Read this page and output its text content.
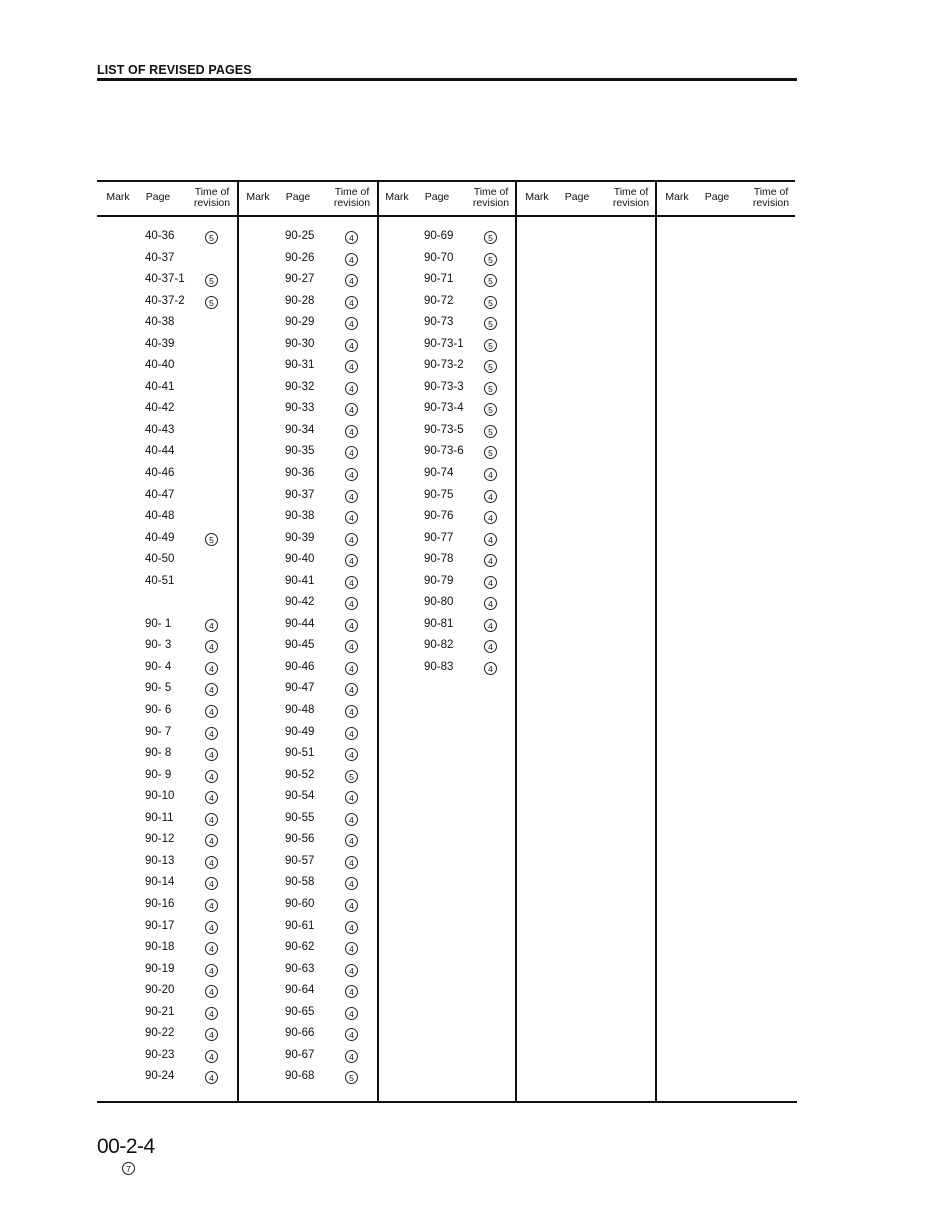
LIST OF REVISED PAGES
Mark	Page	Time of
revision
40-36	5
40-37
40-37-1	5
40-37-2	5
40-38
40-39
40-40
40-41
40-42
40-43
40-44
40-46
40-47
40-48
40-49	5
40-50
40-51
90- 1	4
90- 3	4
90- 4	4
90- 5	4
90- 6	4
90- 7	4
90- 8	4
90- 9	4
90-10	4
90-11	4
90-12	4
90-13	4
90-14	4
90-16	4
90-17	4
90-18	4
90-19	4
90-20	4
90-21	4
90-22	4
90-23	4
90-24	4
Mark	Page	Time of
revision
90-25	4
90-26	4
90-27	4
90-28	4
90-29	4
90-30	4
90-31	4
90-32	4
90-33	4
90-34	4
90-35	4
90-36	4
90-37	4
90-38	4
90-39	4
90-40	4
90-41	4
90-42	4
90-44	4
90-45	4
90-46	4
90-47	4
90-48	4
90-49	4
90-51	4
90-52	5
90-54	4
90-55	4
90-56	4
90-57	4
90-58	4
90-60	4
90-61	4
90-62	4
90-63	4
90-64	4
90-65	4
90-66	4
90-67	4
90-68	5
Mark	Page	Time of
revision
90-69	5
90-70	5
90-71	5
90-72	5
90-73	5
90-73-1	5
90-73-2	5
90-73-3	5
90-73-4	5
90-73-5	5
90-73-6	5
90-74	4
90-75	4
90-76	4
90-77	4
90-78	4
90-79	4
90-80	4
90-81	4
90-82	4
90-83	4
Mark	Page	Time of
revision	Mark	Page	Time of
revision
00-2-4
7
